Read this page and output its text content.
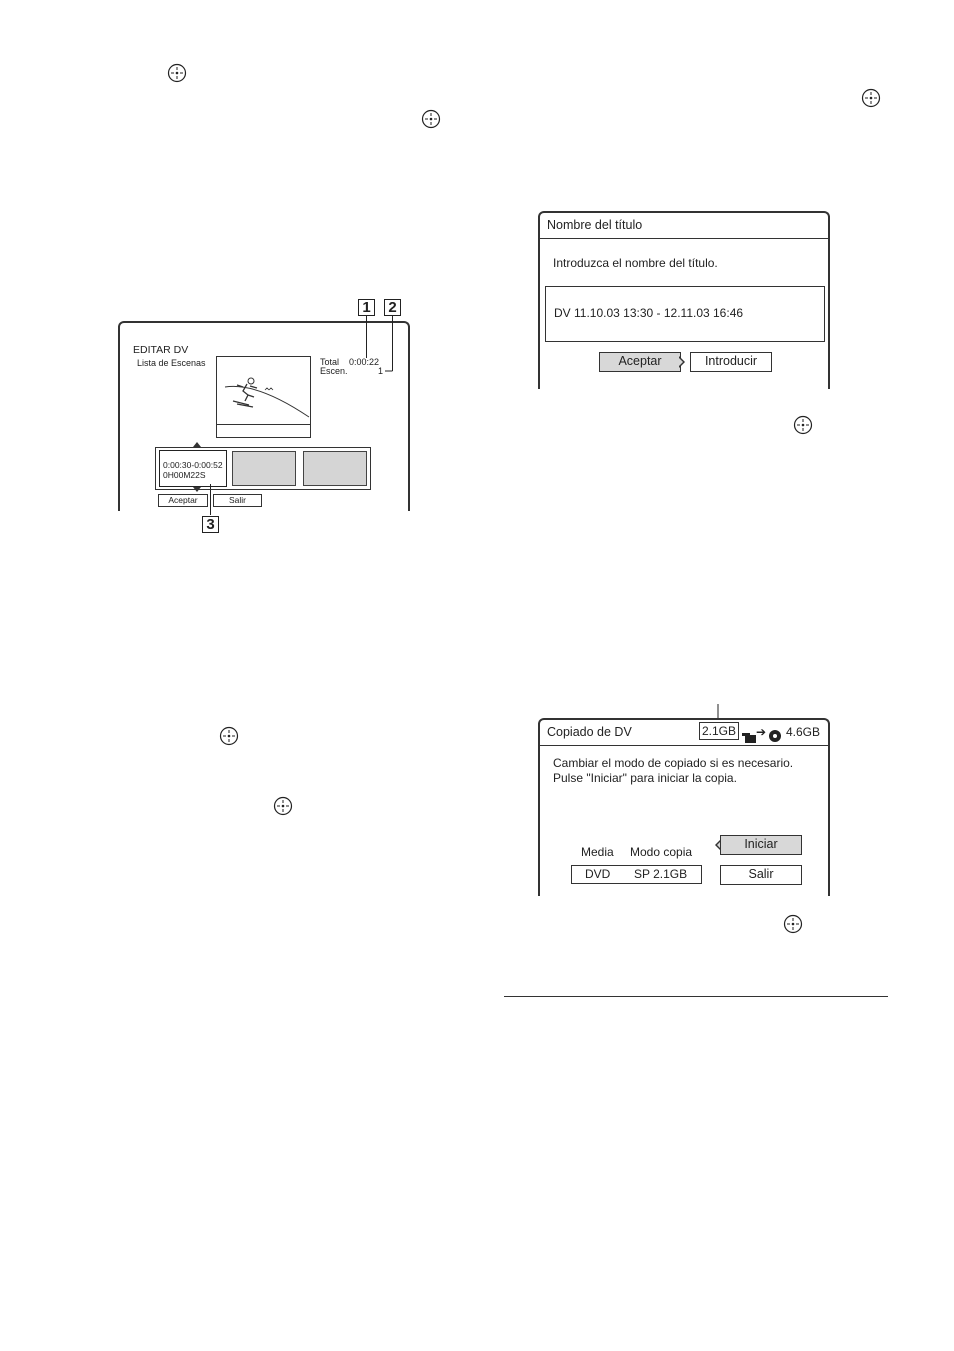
1 2
EDITAR DV
Lista de Escenas	Total 0:00:22
Escen.	1
0:00:30-0:00:52
0H00M22S
Aceptar	Salir
3
Nombre del título
Introduzca el nombre del título.
DV 11.10.03 13:30 - 12.11.03 16:46
Aceptar	Introducir
Copiado de DV	2.1GB ➔ 4.6GB
Cambiar el modo de copiado si es necesario.
Pulse "Iniciar" para iniciar la copia.
Media Modo copia
DVD SP 2.1GB
Iniciar
Salir
